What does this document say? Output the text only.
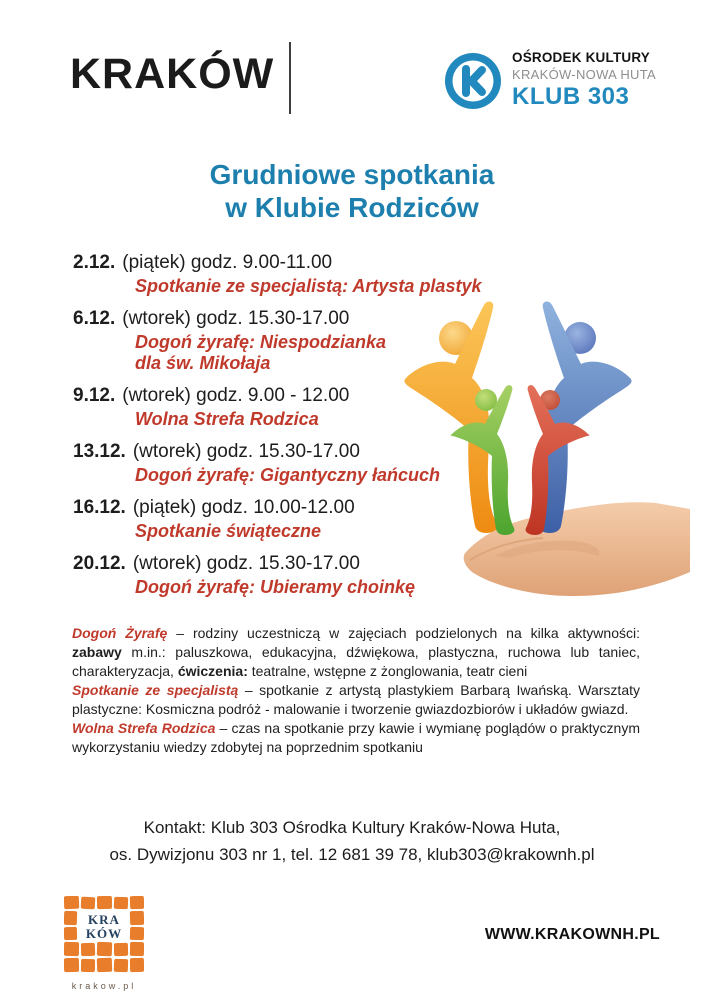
KRAKÓW	OŚRODEK KULTURY
KRAKÓW-NOWA HUTA
KLUB 303
Grudniowe spotkania
w Klubie Rodziców
2.12. (piątek) godz. 9.00-11.00
Spotkanie ze specjalistą: Artysta plastyk
6.12. (wtorek) godz. 15.30-17.00
Dogoń żyrafę: Niespodzianka
dla św. Mikołaja
9.12. (wtorek) godz. 9.00 - 12.00
Wolna Strefa Rodzica
13.12. (wtorek) godz. 15.30-17.00
Dogoń żyrafę: Gigantyczny łańcuch
16.12. (piątek) godz. 10.00-12.00
Spotkanie świąteczne
20.12. (wtorek) godz. 15.30-17.00
Dogoń żyrafę: Ubieramy choinkę

Dogoń Żyrafę – rodziny uczestniczą w zajęciach podzielonych na kilka aktywności: zabawy m.in.: paluszkowa, edukacyjna, dźwiękowa, plastyczna, ruchowa lub taniec, charakteryzacja, ćwiczenia: teatralne, wstępne z żonglowania, teatr cieni

Spotkanie ze specjalistą – spotkanie z artystą plastykiem Barbarą Iwańską. Warsztaty plastyczne: Kosmiczna podróż - malowanie i tworzenie gwiazdozbiorów i układów gwiazd.

Wolna Strefa Rodzica – czas na spotkanie przy kawie i wymianę poglądów o praktycznym wykorzystaniu wiedzy zdobytej na poprzednim spotkaniu

Kontakt: Klub 303 Ośrodka Kultury Kraków-Nowa Huta,
os. Dywizjonu 303 nr 1, tel. 12 681 39 78, klub303@krakownh.pl
KRA
KÓW
krakow.pl
WWW.KRAKOWNH.PL
